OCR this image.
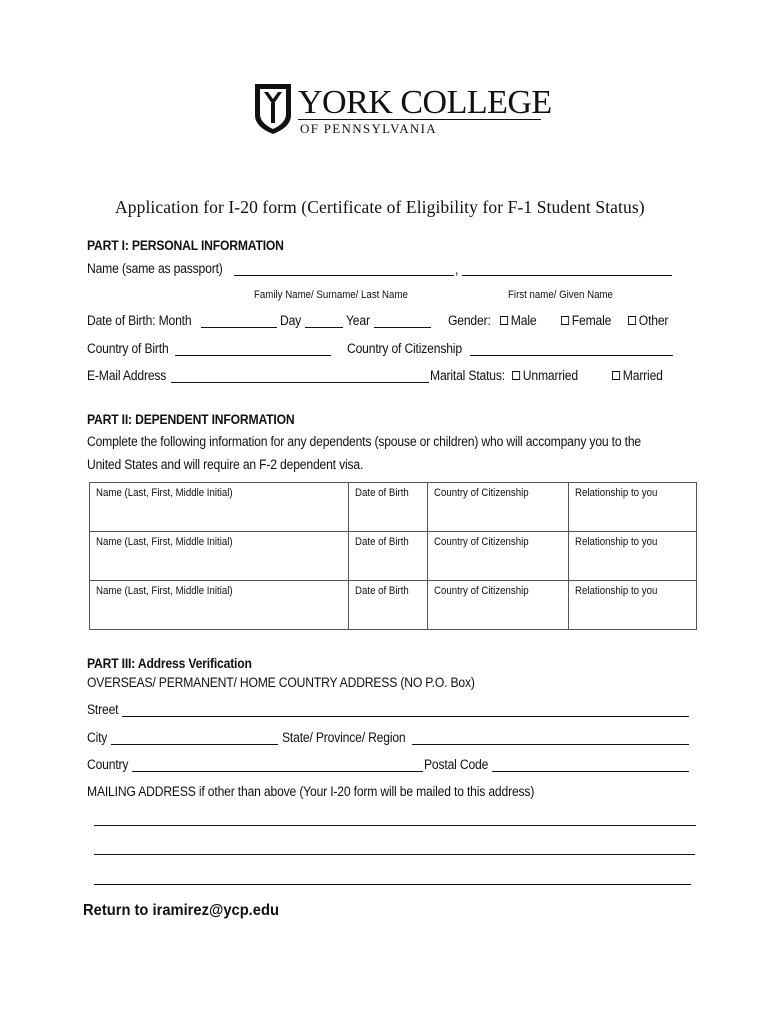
YORK COLLEGE
OF PENNSYLVANIA
Application for I-20 form (Certificate of Eligibility for F-1 Student Status)
PART I: PERSONAL INFORMATION
Name (same as passport)	,
Family Name/ Surname/ Last Name	First name/ Given Name
Date of Birth: Month	Day	Year	Gender:	Male	Female	Other
Country of Birth	Country of Citizenship
E-Mail Address	Marital Status:	Unmarried	Married
PART II: DEPENDENT INFORMATION
Complete the following information for any dependents (spouse or children) who will accompany you to the
United States and will require an F-2 dependent visa.
Name (Last, First, Middle Initial)	Date of Birth	Country of Citizenship	Relationship to you
Name (Last, First, Middle Initial)	Date of Birth	Country of Citizenship	Relationship to you
Name (Last, First, Middle Initial)	Date of Birth	Country of Citizenship	Relationship to you
PART III: Address Verification
OVERSEAS/ PERMANENT/ HOME COUNTRY ADDRESS (NO P.O. Box)
Street
City	State/ Province/ Region
Country	Postal Code
MAILING ADDRESS if other than above (Your I-20 form will be mailed to this address)
Return to iramirez@ycp.edu
